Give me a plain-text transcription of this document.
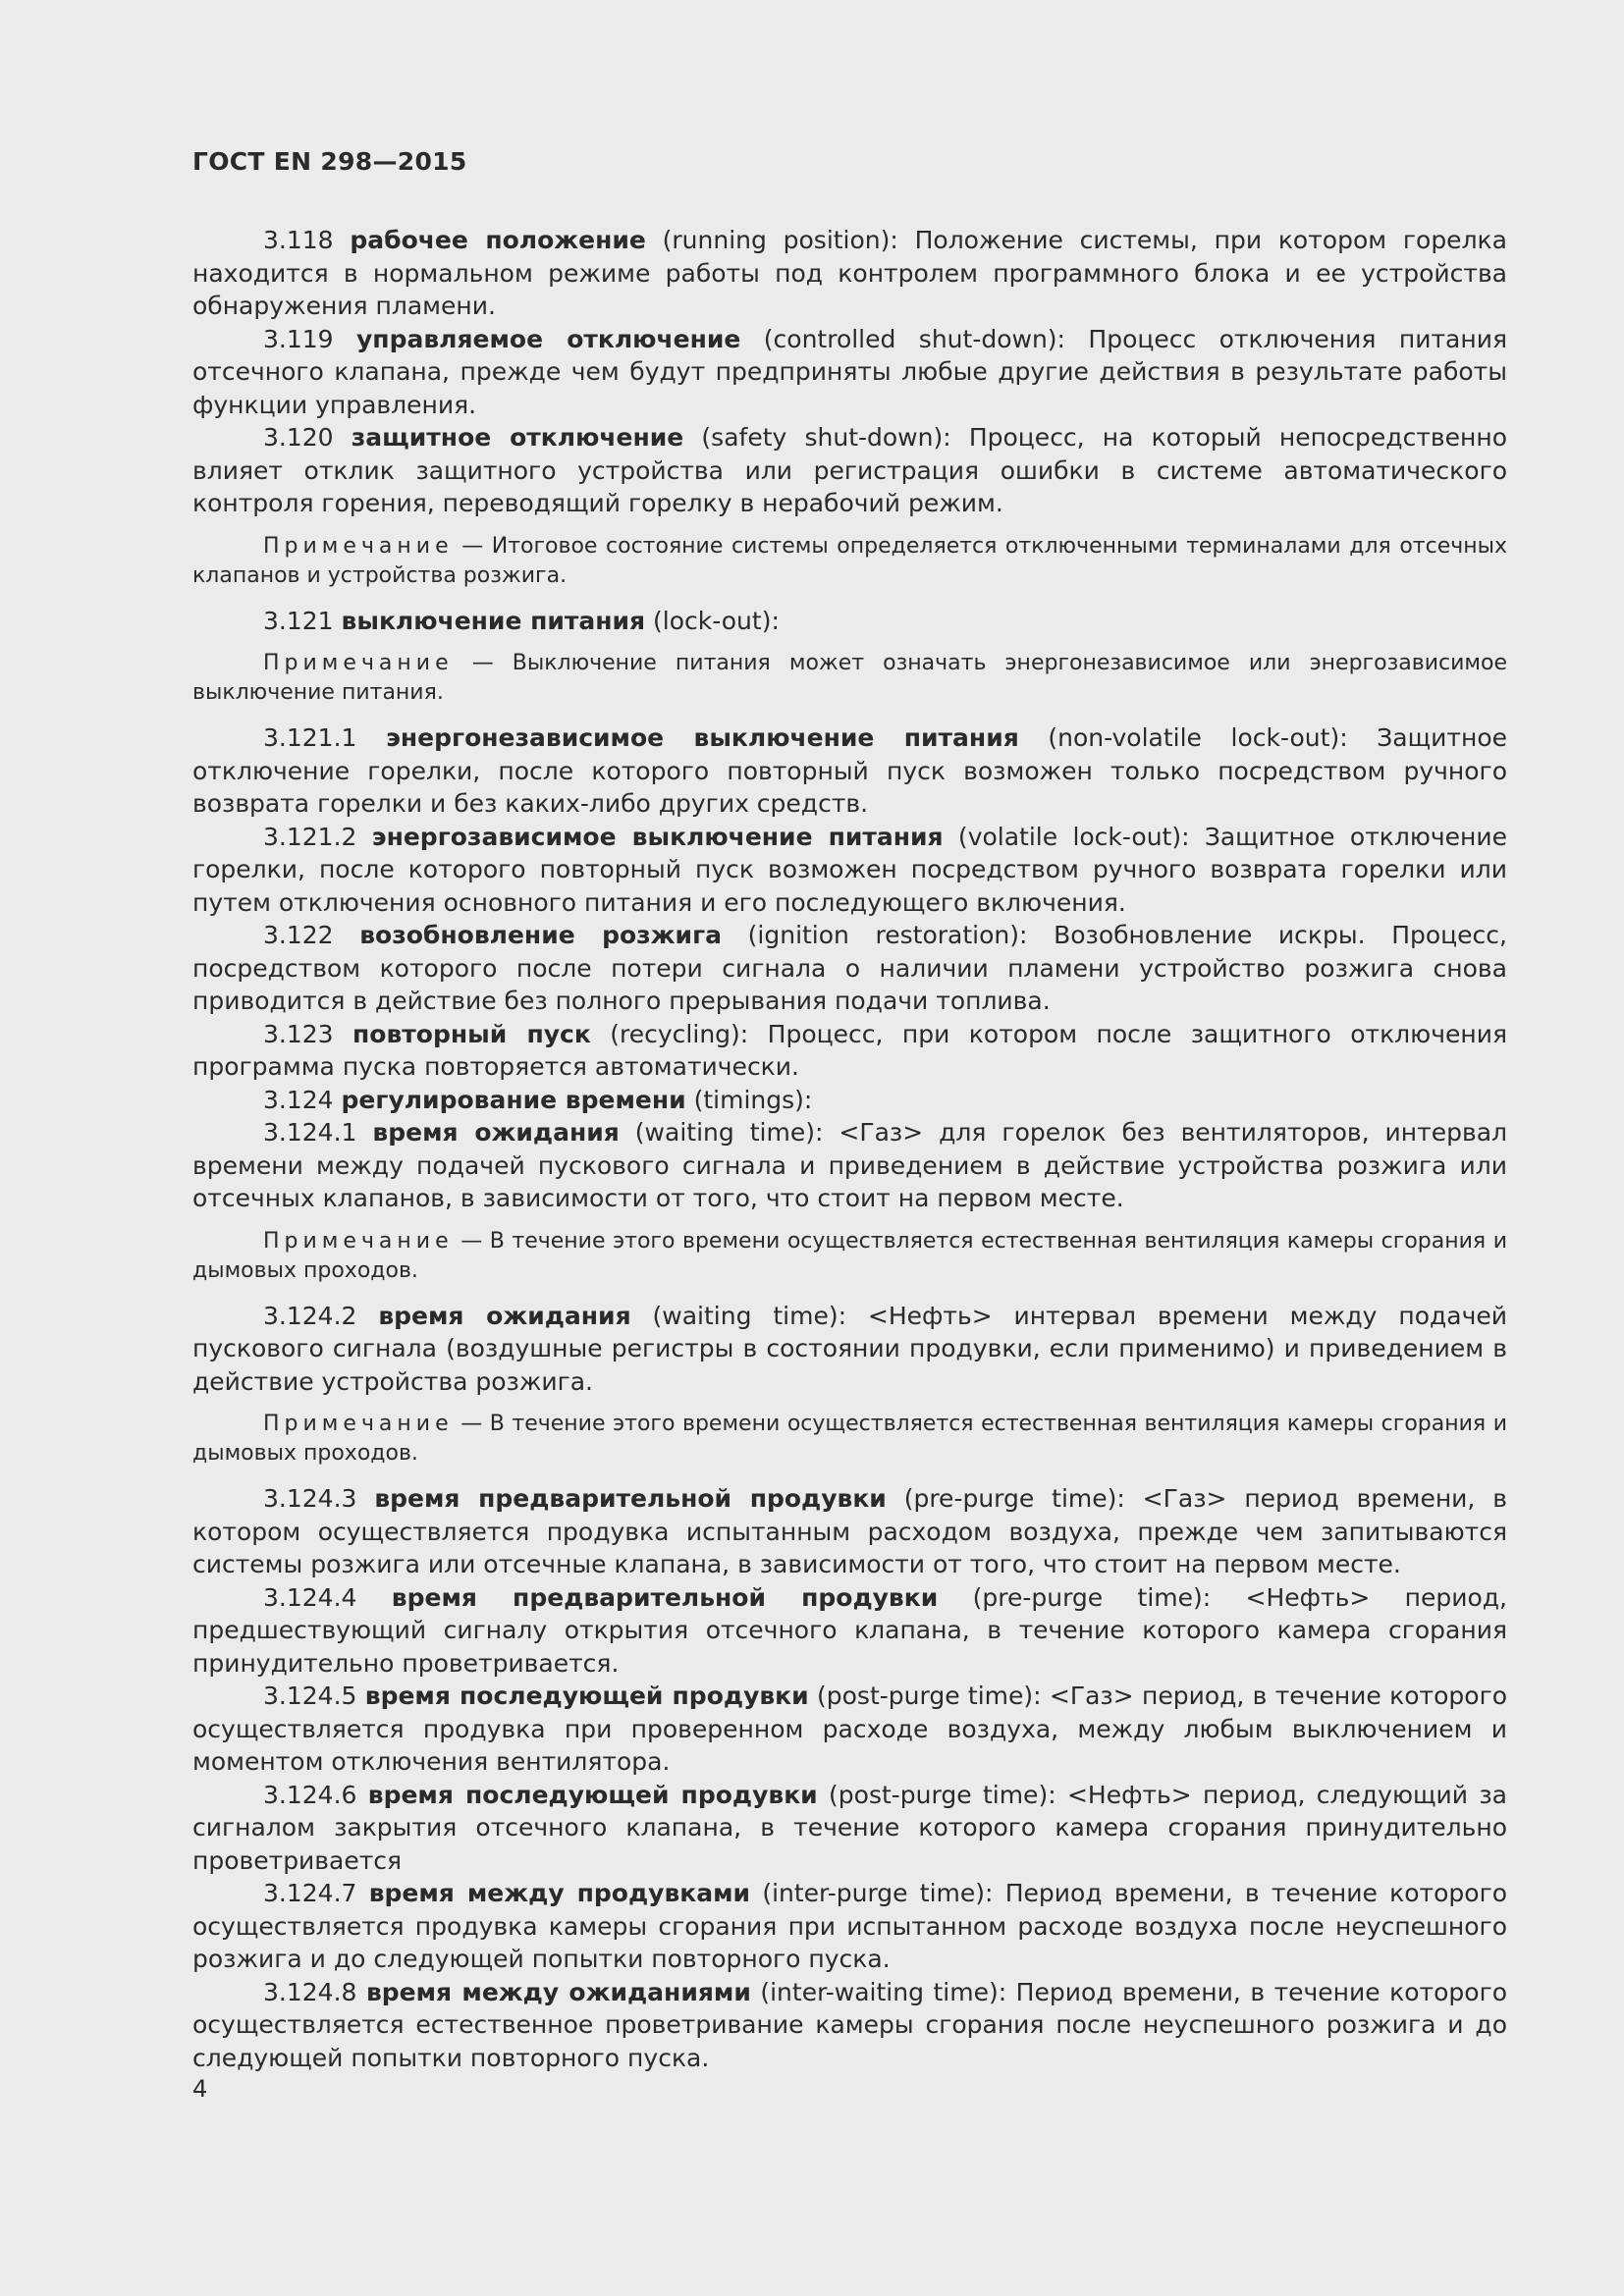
ГОСТ EN 298—2015

3.118 рабочее положение (running position): Положение системы, при котором горелка находится в нормальном режиме работы под контролем программного блока и ее устройства обнаружения пламени.

3.119 управляемое отключение (controlled shut-down): Процесс отключения питания отсечного клапана, прежде чем будут предприняты любые другие действия в результате работы функции управления.

3.120 защитное отключение (safety shut-down): Процесс, на который непосредственно влияет отклик защитного устройства или регистрация ошибки в системе автоматического контроля горения, переводящий горелку в нерабочий режим.

Примечание — Итоговое состояние системы определяется отключенными терминалами для отсечных клапанов и устройства розжига.

3.121 выключение питания (lock-out):

Примечание — Выключение питания может означать энергонезависимое или энергозависимое выключение питания.

3.121.1 энергонезависимое выключение питания (non-volatile lock-out): Защитное отключение горелки, после которого повторный пуск возможен только посредством ручного возврата горелки и без каких-либо других средств.

3.121.2 энергозависимое выключение питания (volatile lock-out): Защитное отключение горелки, после которого повторный пуск возможен посредством ручного возврата горелки или путем отключения основного питания и его последующего включения.

3.122 возобновление розжига (ignition restoration): Возобновление искры. Процесс, посредством которого после потери сигнала о наличии пламени устройство розжига снова приводится в действие без полного прерывания подачи топлива.

3.123 повторный пуск (recycling): Процесс, при котором после защитного отключения программа пуска повторяется автоматически.

3.124 регулирование времени (timings):

3.124.1 время ожидания (waiting time): <Газ> для горелок без вентиляторов, интервал времени между подачей пускового сигнала и приведением в действие устройства розжига или отсечных клапанов, в зависимости от того, что стоит на первом месте.

Примечание — В течение этого времени осуществляется естественная вентиляция камеры сгорания и дымовых проходов.

3.124.2 время ожидания (waiting time): <Нефть> интервал времени между подачей пускового сигнала (воздушные регистры в состоянии продувки, если применимо) и приведением в действие устройства розжига.

Примечание — В течение этого времени осуществляется естественная вентиляция камеры сгорания и дымовых проходов.

3.124.3 время предварительной продувки (pre-purge time): <Газ> период времени, в котором осуществляется продувка испытанным расходом воздуха, прежде чем запитываются системы розжига или отсечные клапана, в зависимости от того, что стоит на первом месте.

3.124.4 время предварительной продувки (pre-purge time): <Нефть> период, предшествующий сигналу открытия отсечного клапана, в течение которого камера сгорания принудительно проветривается.

3.124.5 время последующей продувки (post-purge time): <Газ> период, в течение которого осуществляется продувка при проверенном расходе воздуха, между любым выключением и моментом отключения вентилятора.

3.124.6 время последующей продувки (post-purge time): <Нефть> период, следующий за сигналом закрытия отсечного клапана, в течение которого камера сгорания принудительно проветривается

3.124.7 время между продувками (inter-purge time): Период времени, в течение которого осуществляется продувка камеры сгорания при испытанном расходе воздуха после неуспешного розжига и до следующей попытки повторного пуска.

3.124.8 время между ожиданиями (inter-waiting time): Период времени, в течение которого осуществляется естественное проветривание камеры сгорания после неуспешного розжига и до следующей попытки повторного пуска.

4
